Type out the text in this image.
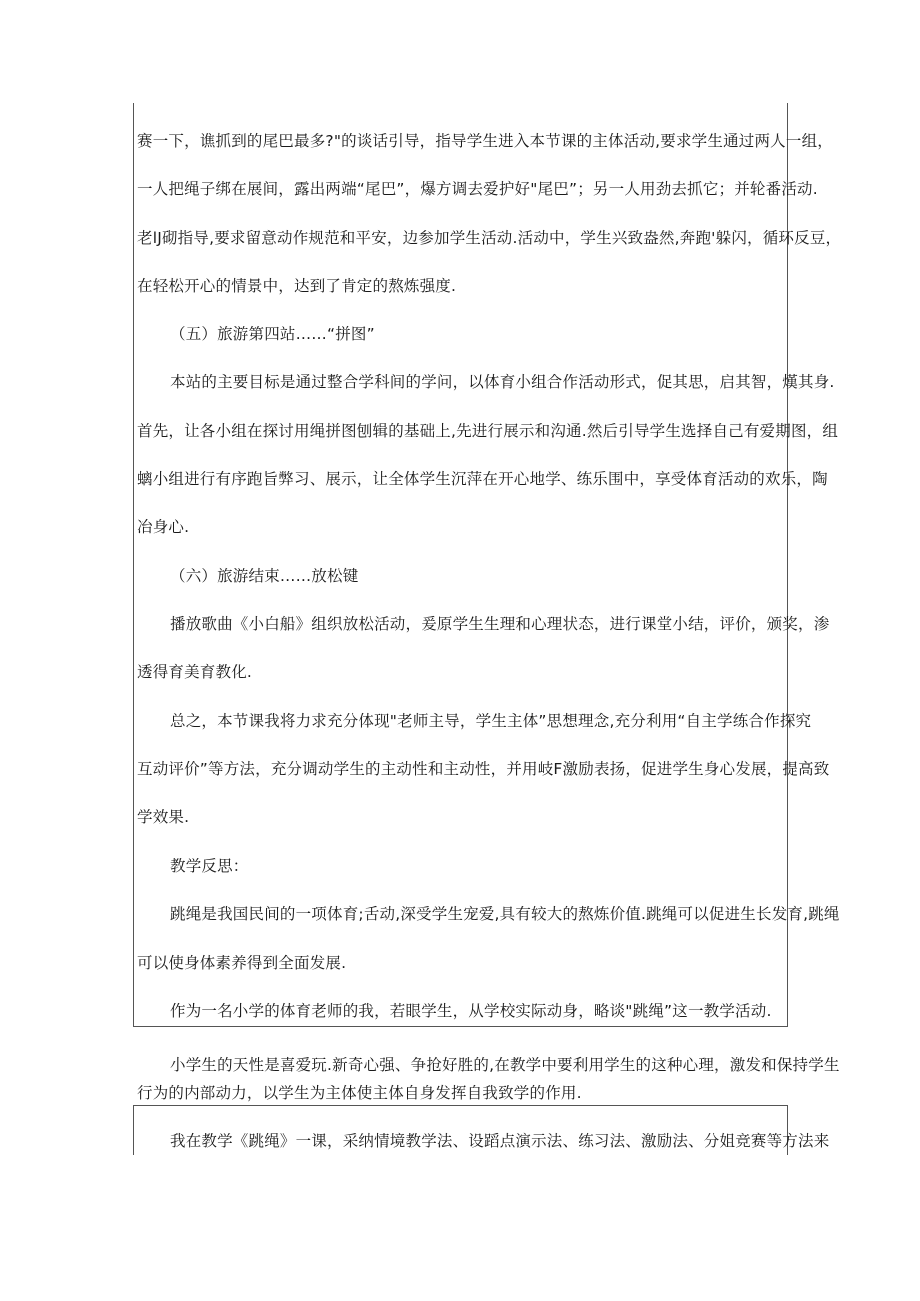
赛一下，谯抓到的尾巴最多?"的谈话引导，指导学生进入本节课的主体活动,要求学生通过两人一组，
一人把绳子绑在展间，露出两端“尾巴”，爆方调去爱护好"尾巴”；另一人用劲去抓它；并轮番活动.
老lJ砌指导,要求留意动作规范和平安，边参加学生活动.活动中，学生兴致盎然,奔跑'躲闪，循环反豆，
在轻松开心的情景中，达到了肯定的熬炼强度.
（五）旅游第四站……“拼图”
本站的主要目标是通过整合学科间的学问，以体育小组合作活动形式，促其思，启其智，熯其身.
首先，让各小组在探讨用绳拼图刨辑的基础上,先进行展示和沟通.然后引导学生选择自己有爱期图，组
螭小组进行有序跑旨弊习、展示，让全体学生沉萍在开心地学、练乐围中，享受体育活动的欢乐，陶
冶身心.
（六）旅游结束……放松键
播放歌曲《小白船》组织放松活动，爰原学生生理和心理状态，进行课堂小结，评价，颁奖，渗
透得育美育教化.
总之，本节课我将力求充分体现"老师主导，学生主体”思想理念,充分利用“自主学练合作探究
互动评价”等方法，充分调动学生的主动性和主动性，并用岐F激励表扬，促进学生身心发展，提高致
学效果.
教学反思：
跳绳是我国民间的一项体育;舌动,深受学生宠爱,具有较大的熬炼价值.跳绳可以促进生长发育,跳绳
可以使身体素养得到全面发展.
作为一名小学的体育老师的我，若眼学生，从学校实际动身，略谈"跳绳”这一教学活动.
小学生的天性是喜爱玩.新奇心强、争抢好胜的,在教学中要利用学生的这种心理，激发和保持学生
行为的内部动力，以学生为主体使主体自身发挥自我致学的作用.
我在教学《跳绳》一课，采纳情境教学法、设蹈点演示法、练习法、激励法、分姐竞赛等方法来
